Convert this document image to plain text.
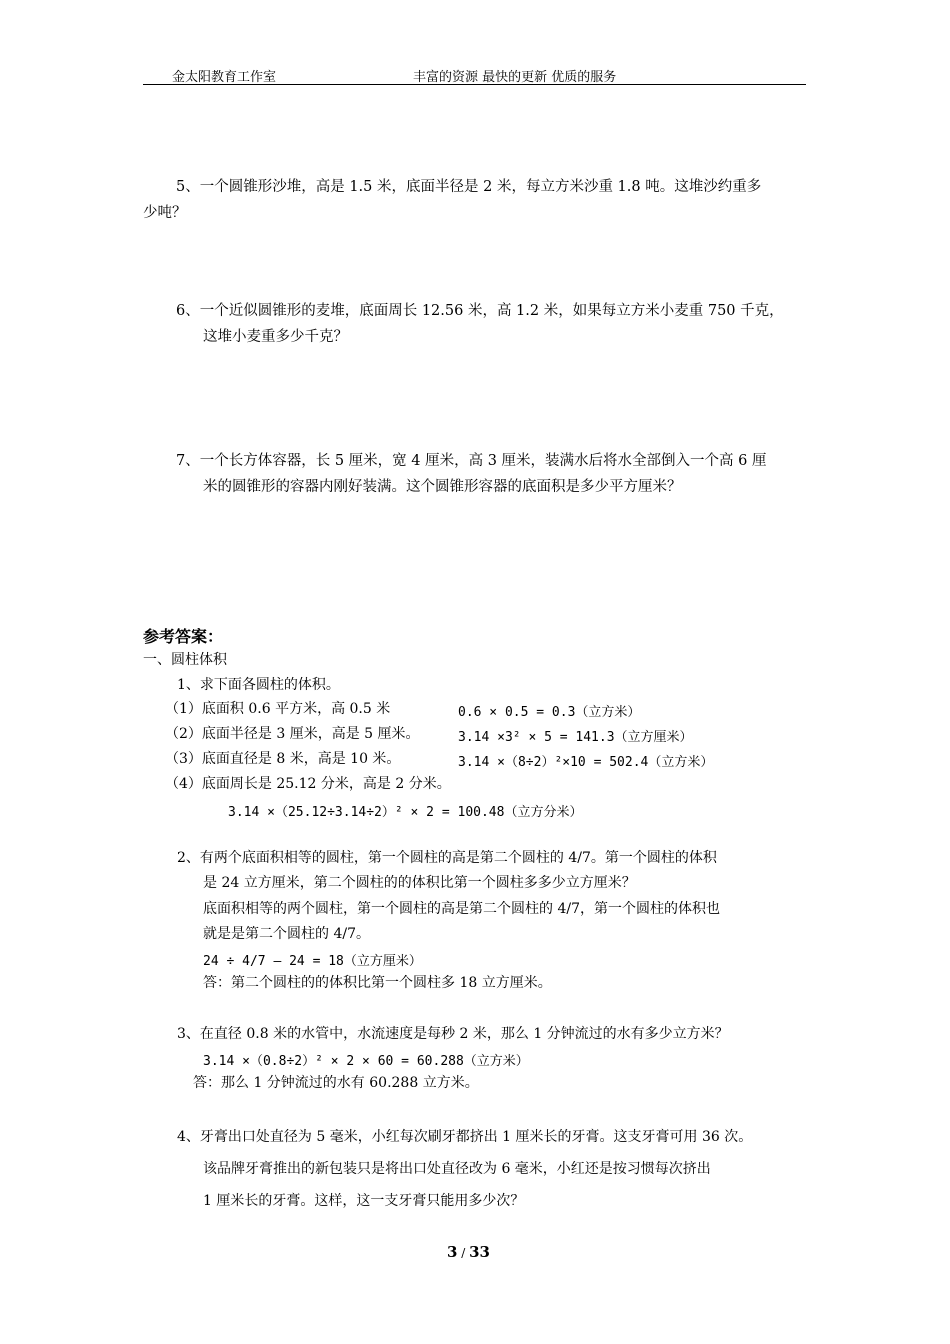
金太阳教育工作室	丰富的资源 最快的更新 优质的服务
5、一个圆锥形沙堆，高是 1.5 米，底面半径是 2 米，每立方米沙重 1.8 吨。这堆沙约重多
少吨？
6、一个近似圆锥形的麦堆，底面周长 12.56 米，高 1.2 米，如果每立方米小麦重 750 千克，
这堆小麦重多少千克？
7、一个长方体容器，长 5 厘米，宽 4 厘米，高 3 厘米，装满水后将水全部倒入一个高 6 厘
米的圆锥形的容器内刚好装满。这个圆锥形容器的底面积是多少平方厘米？
参考答案：
一、圆柱体积
1、求下面各圆柱的体积。
（1）底面积 0.6 平方米，高 0.5 米	0.6 × 0.5 = 0.3（立方米）
（2）底面半径是 3 厘米，高是 5 厘米。	3.14 ×3² × 5 = 141.3（立方厘米）
（3）底面直径是 8 米，高是 10 米。	3.14 ×（8÷2）²×10 = 502.4（立方米）
（4）底面周长是 25.12 分米，高是 2 分米。
3.14 ×（25.12÷3.14÷2）² × 2 = 100.48（立方分米）
2、有两个底面积相等的圆柱，第一个圆柱的高是第二个圆柱的 4/7。第一个圆柱的体积
是 24 立方厘米，第二个圆柱的的体积比第一个圆柱多多少立方厘米？
底面积相等的两个圆柱，第一个圆柱的高是第二个圆柱的 4/7，第一个圆柱的体积也
就是是第二个圆柱的 4/7。
24 ÷ 4/7 – 24 = 18（立方厘米）
答：第二个圆柱的的体积比第一个圆柱多 18 立方厘米。
3、在直径 0.8 米的水管中，水流速度是每秒 2 米，那么 1 分钟流过的水有多少立方米？
3.14 ×（0.8÷2）² × 2 × 60 = 60.288（立方米）
答：那么 1 分钟流过的水有 60.288 立方米。
4、牙膏出口处直径为 5 毫米，小红每次刷牙都挤出 1 厘米长的牙膏。这支牙膏可用 36 次。
该品牌牙膏推出的新包装只是将出口处直径改为 6 毫米，小红还是按习惯每次挤出
1 厘米长的牙膏。这样，这一支牙膏只能用多少次？
3 / 33
